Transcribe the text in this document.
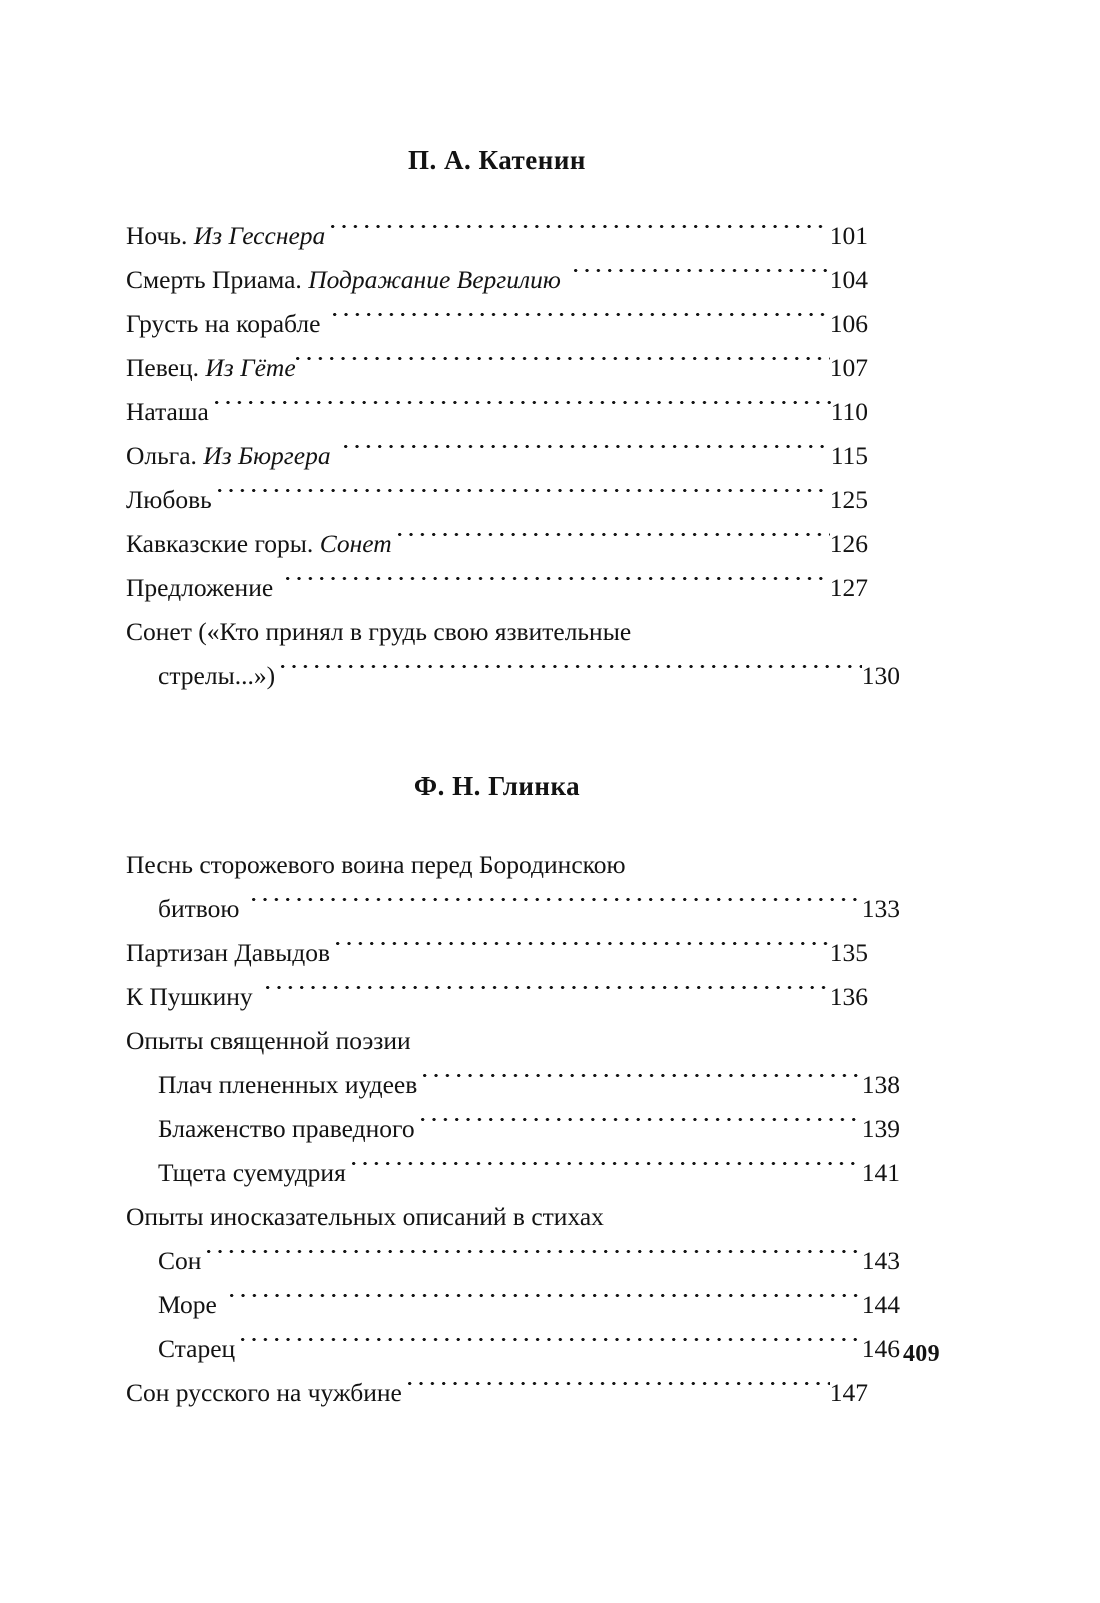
П. А. Катенин
Ночь. Из Гесснера	101
Смерть Приама. Подражание Вергилию	104
Грусть на корабле	106
Певец. Из Гёте	107
Наташа	110
Ольга. Из Бюргера	115
Любовь	125
Кавказские горы. Сонет	126
Предложение	127
Сонет («Кто принял в грудь свою язвительные
стрелы...»)	130
Ф. Н. Глинка
Песнь сторожевого воина перед Бородинскою
битвою	133
Партизан Давыдов	135
К Пушкину	136
Опыты священной поэзии
Плач плененных иудеев	138
Блаженство праведного	139
Тщета суемудрия	141
Опыты иносказательных описаний в стихах
Сон	143
Море	144
Старец	146
Сон русского на чужбине	147
409
